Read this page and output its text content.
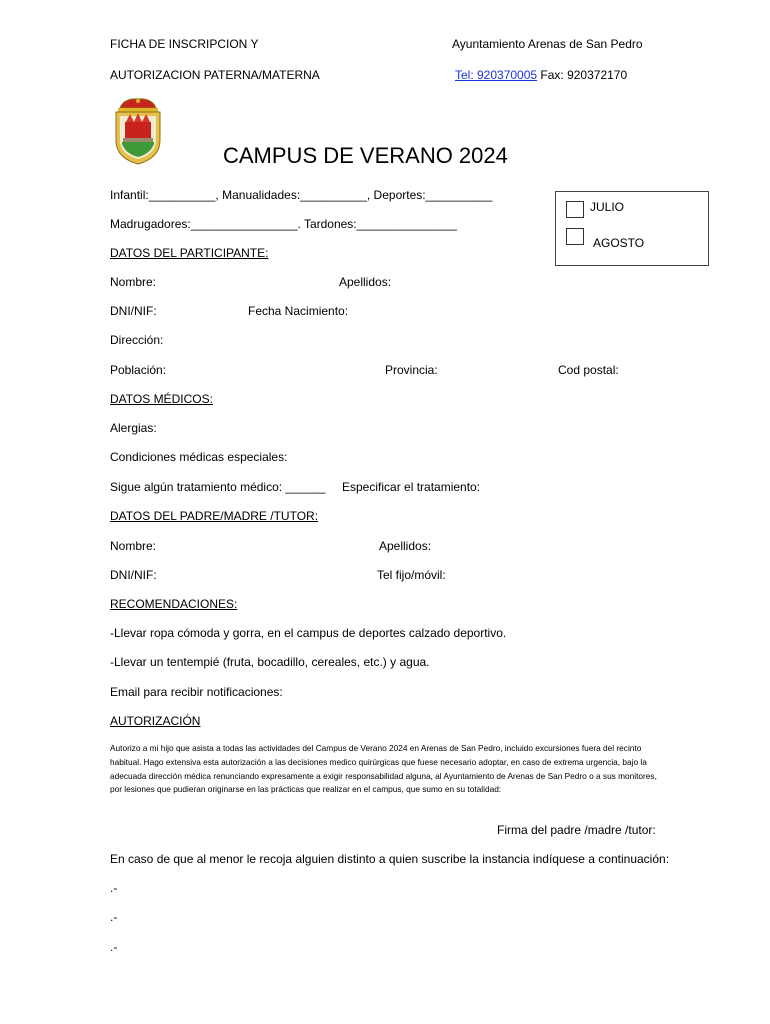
FICHA DE INSCRIPCION Y
AUTORIZACION PATERNA/MATERNA
Ayuntamiento Arenas de San Pedro
Tel: 920370005 Fax: 920372170
CAMPUS DE VERANO 2024
Infantil:__________, Manualidades:__________, Deportes:__________
Madrugadores:________________. Tardones:_______________
JULIO
AGOSTO
DATOS DEL PARTICIPANTE:
Nombre:	Apellidos:
DNI/NIF:	Fecha Nacimiento:
Dirección:
Población:	Provincia:	Cod postal:
DATOS MÉDICOS:
Alergias:
Condiciones médicas especiales:
Sigue algún tratamiento médico: ______ Especificar el tratamiento:
DATOS DEL PADRE/MADRE /TUTOR:
Nombre:	Apellidos:
DNI/NIF:	Tel fijo/móvil:
RECOMENDACIONES:
-Llevar ropa cómoda y gorra, en el campus de deportes calzado deportivo.
-Llevar un tentempié (fruta, bocadillo, cereales, etc.) y agua.
Email para recibir notificaciones:
AUTORIZACIÓN
Autorizo a mi hijo que asista a todas las actividades del Campus de Verano 2024 en Arenas de San Pedro, incluido excursiones fuera del recinto habitual. Hago extensiva esta autorización a las decisiones medico quirúrgicas que fuese necesario adoptar, en caso de extrema urgencia, bajo la adecuada dirección médica renunciando expresamente a exigir responsabilidad alguna, al Ayuntamiento de Arenas de San Pedro o a sus monitores, por lesiones que pudieran originarse en las prácticas que realizar en el campus, que sumo en su totalidad:
Firma del padre /madre /tutor:
En caso de que al menor le recoja alguien distinto a quien suscribe la instancia indíquese a continuación:
.-
.-
.-
